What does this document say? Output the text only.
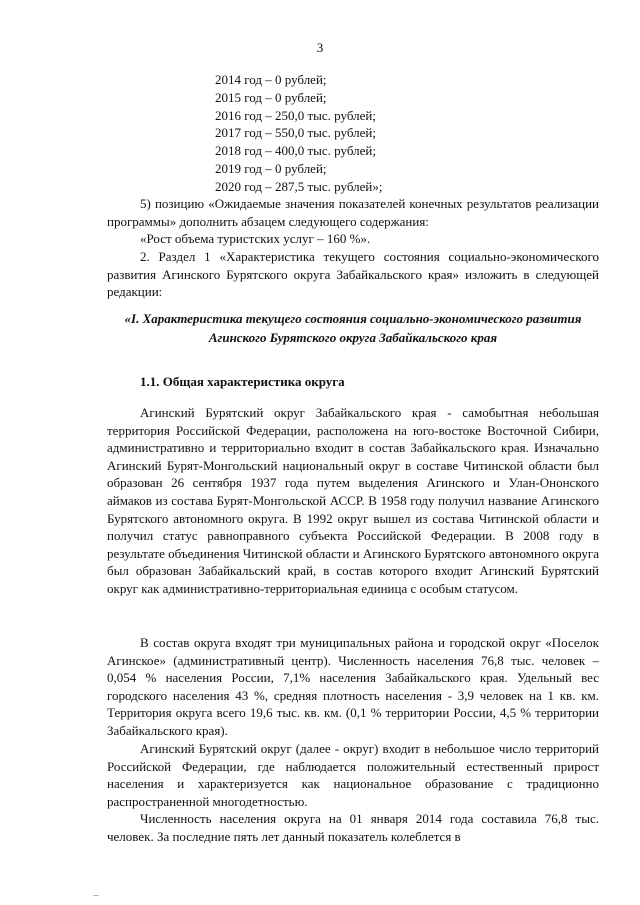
3
2014 год – 0 рублей;
2015 год – 0 рублей;
2016 год – 250,0 тыс. рублей;
2017 год – 550,0 тыс. рублей;
2018 год – 400,0 тыс. рублей;
2019 год – 0 рублей;
2020 год – 287,5 тыс. рублей»;
5) позицию «Ожидаемые значения показателей конечных результатов реализации программы» дополнить абзацем следующего содержания:
«Рост объема туристских услуг – 160 %».
2. Раздел 1 «Характеристика текущего состояния социально-экономического развития Агинского Бурятского округа Забайкальского края» изложить в следующей редакции:
«I. Характеристика текущего состояния социально-экономического развития Агинского Бурятского округа Забайкальского края
1.1. Общая характеристика округа
Агинский Бурятский округ Забайкальского края - самобытная небольшая территория Российской Федерации, расположена на юго-востоке Восточной Сибири, административно и территориально входит в состав Забайкальского края. Изначально Агинский Бурят-Монгольский национальный округ в составе Читинской области был образован 26 сентября 1937 года путем выделения Агинского и Улан-Ононского аймаков из состава Бурят-Монгольской АССР. В 1958 году получил название Агинского Бурятского автономного округа. В 1992 округ вышел из состава Читинской области и получил статус равноправного субъекта Российской Федерации. В 2008 году в результате объединения Читинской области и Агинского Бурятского автономного округа был образован Забайкальский край, в состав которого входит Агинский Бурятский округ как административно-территориальная единица с особым статусом.
В состав округа входят три муниципальных района и городской округ «Поселок Агинское» (административный центр). Численность населения 76,8 тыс. человек – 0,054 % населения России, 7,1% населения Забайкальского края. Удельный вес городского населения 43 %, средняя плотность населения - 3,9 человек на 1 кв. км. Территория округа всего 19,6 тыс. кв. км. (0,1 % территории России, 4,5 % территории Забайкальского края).
Агинский Бурятский округ (далее - округ) входит в небольшое число территорий Российской Федерации, где наблюдается положительный естественный прирост населения и характеризуется как национальное образование с традиционно распространенной многодетностью.
Численность населения округа на 01 января 2014 года составила 76,8 тыс. человек. За последние пять лет данный показатель колеблется в
